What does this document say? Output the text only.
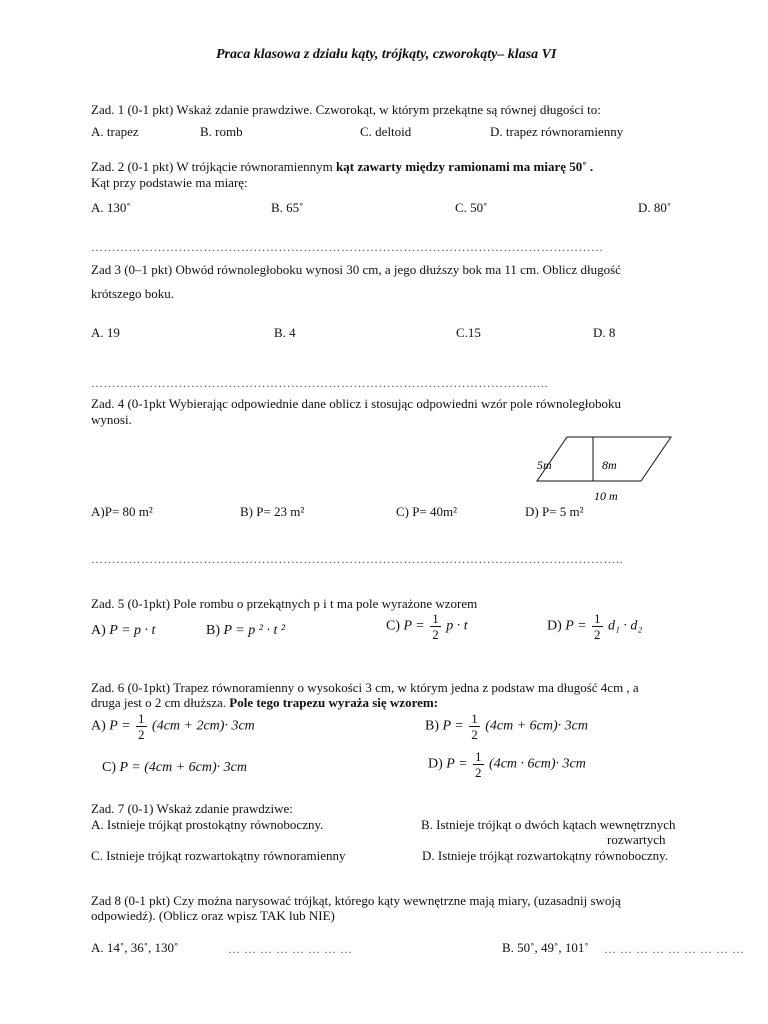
Praca klasowa z działu kąty, trójkąty, czworokąty– klasa VI
Zad. 1 (0-1 pkt) Wskaż zdanie prawdziwe. Czworokąt, w którym przekątne są równej długości to:
A. trapez	B. romb	C. deltoid	D. trapez równoramienny
Zad. 2 (0-1 pkt) W trójkącie równoramiennym kąt zawarty między ramionami ma miarę 50˚ .
Kąt przy podstawie ma miarę:
A. 130˚	B. 65˚	C. 50˚	D. 80˚
……………………………………………………………………………………………………………
Zad 3 (0–1 pkt) Obwód równoległoboku wynosi 30 cm, a jego dłuższy bok ma 11 cm. Oblicz długość
krótszego boku.
A. 19	B. 4	C.15	D. 8
………………………………………………………………………………………………..
Zad. 4 (0-1pkt Wybierając odpowiednie dane oblicz i stosując odpowiedni wzór pole równoległoboku
wynosi.
5m	8m
10 m
A)P= 80 m²	B) P= 23 m²	C) P= 40m²	D) P= 5 m²
………………………………………………………………………………………………………………..
Zad. 5 (0-1pkt) Pole rombu o przekątnych p i t ma pole wyrażone wzorem
A) P = p · t	B) P = p ² · t ²	C) $P = \frac{1}{2}$ p · t	D) $P = \frac{1}{2} d_1 \cdot d_2$
Zad. 6 (0-1pkt) Trapez równoramienny o wysokości 3 cm, w którym jedna z podstaw ma długość 4cm , a
druga jest o 2 cm dłuższa. Pole tego trapezu wyraża się wzorem:
A) $P = \frac{1}{2} (4cm + 2cm)\cdot 3cm$	B) $P = \frac{1}{2} (4cm + 6cm)\cdot 3cm$
C) P = (4cm + 6cm)· 3cm	D) $P = \frac{1}{2} (4cm \cdot 6cm)\cdot 3cm$
Zad. 7 (0-1) Wskaż zdanie prawdziwe:
A. Istnieje trójkąt prostokątny równoboczny.	B. Istnieje trójkąt o dwóch kątach wewnętrznych
rozwartych
C. Istnieje trójkąt rozwartokątny równoramienny	D. Istnieje trójkąt rozwartokątny równoboczny.
Zad 8 (0-1 pkt) Czy można narysować trójkąt, którego kąty wewnętrzne mają miary, (uzasadnij swoją
odpowiedź). (Oblicz oraz wpisz TAK lub NIE)
A. 14˚, 36˚, 130˚	… … … … … … … …	B. 50˚, 49˚, 101˚ … … … … … … … … …
